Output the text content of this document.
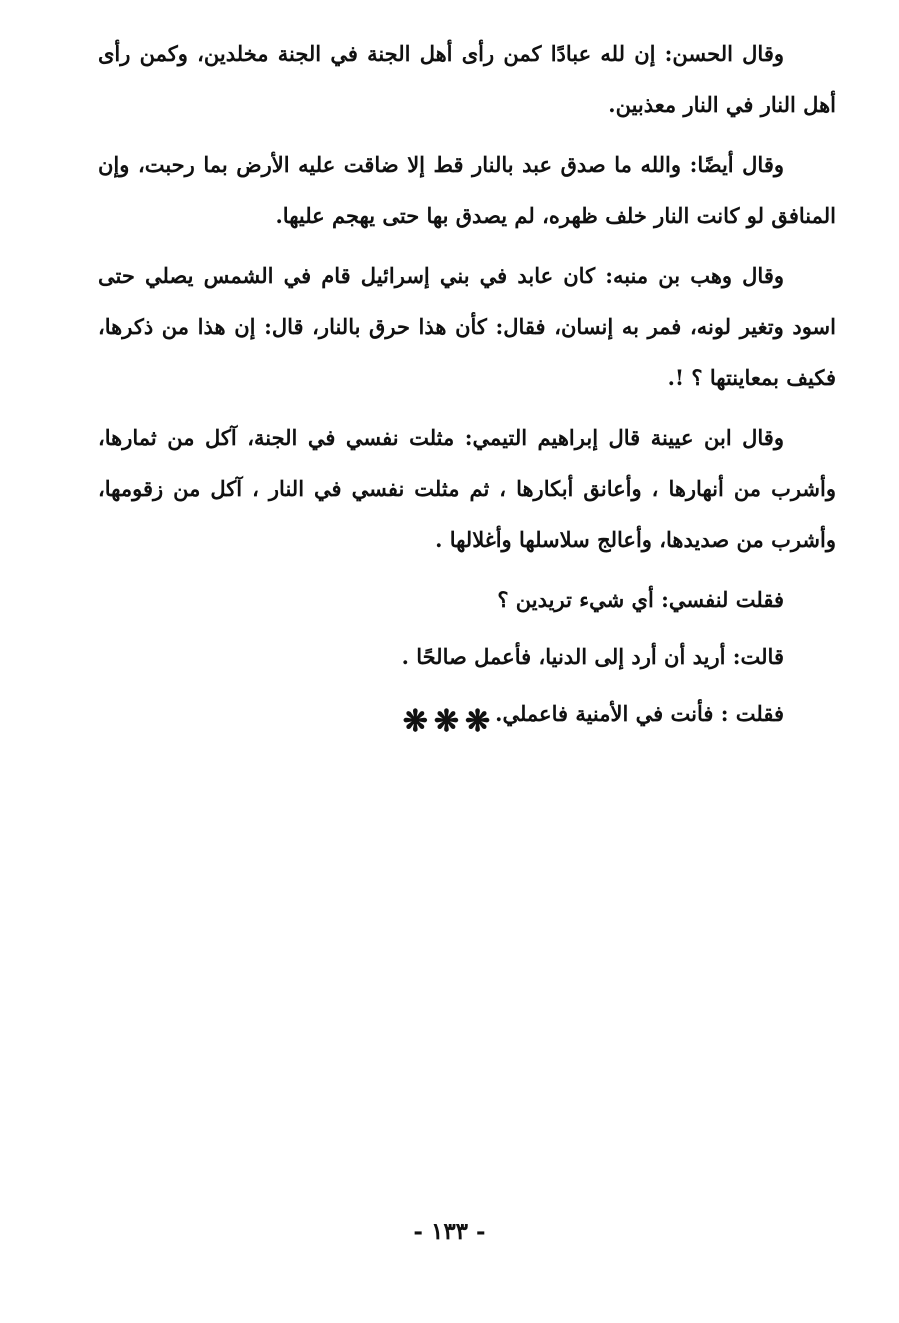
وقال الحسن: إن لله عبادًا كمن رأى أهل الجنة في الجنة مخلدين، وكمن رأى أهل النار في النار معذبين.

وقال أيضًا: والله ما صدق عبد بالنار قط إلا ضاقت عليه الأرض بما رحبت، وإن المنافق لو كانت النار خلف ظهره، لم يصدق بها حتى يهجم عليها.

وقال وهب بن منبه: كان عابد في بني إسرائيل قام في الشمس يصلي حتى اسود وتغير لونه، فمر به إنسان، فقال: كأن هذا حرق بالنار، قال: إن هذا من ذكرها، فكيف بمعاينتها ؟ !.

وقال ابن عيينة قال إبراهيم التيمي: مثلت نفسي في الجنة، آكل من ثمارها، وأشرب من أنهارها ، وأعانق أبكارها ، ثم مثلت نفسي في النار ، آكل من زقومها، وأشرب من صديدها، وأعالج سلاسلها وأغلالها .

فقلت لنفسي: أي شيء تريدين ؟

قالت: أريد أن أرد إلى الدنيا، فأعمل صالحًا .

فقلت : فأنت في الأمنية فاعملي.

❋❋❋
- ١٣٣ -
